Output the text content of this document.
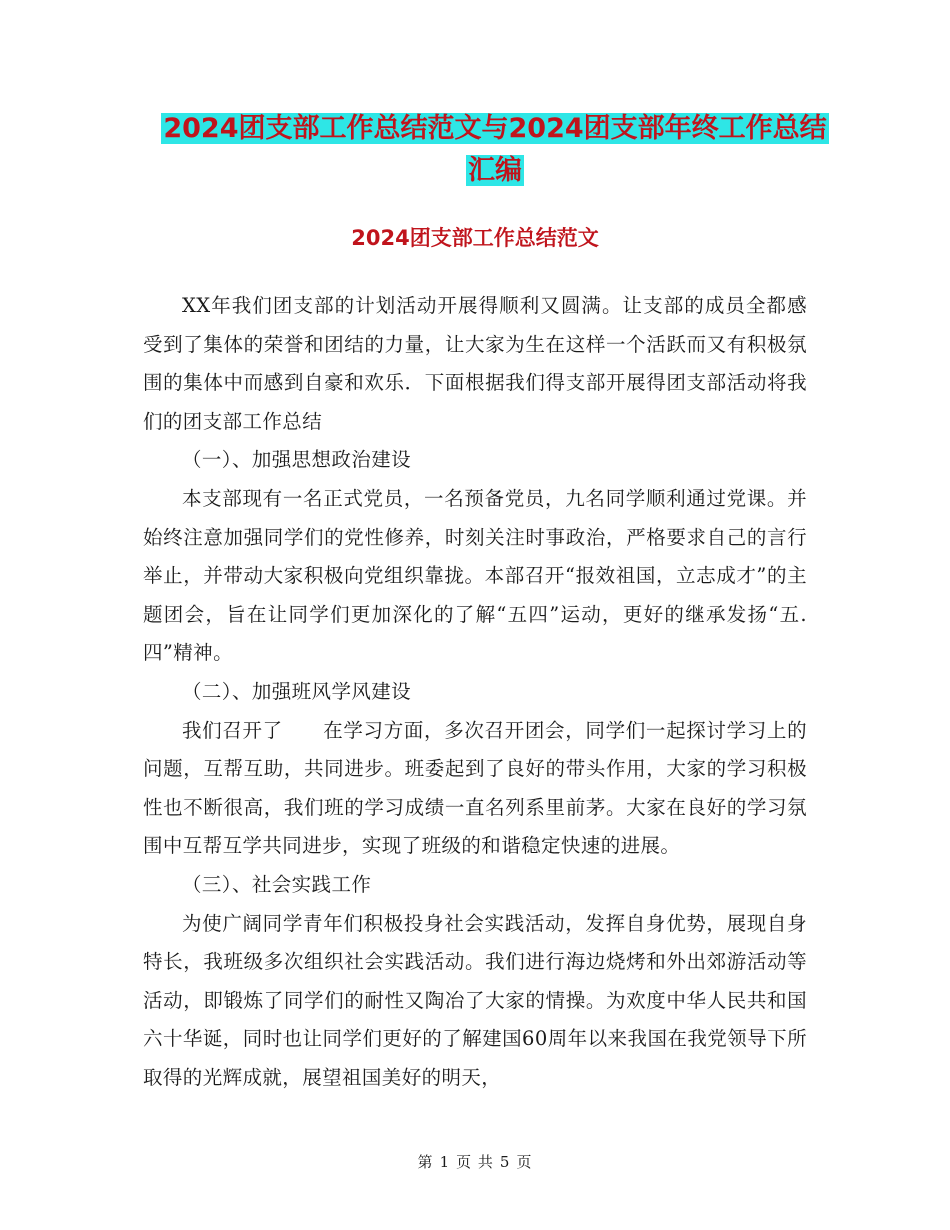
2024团支部工作总结范文与2024团支部年终工作总结
汇编
2024团支部工作总结范文

XX年我们团支部的计划活动开展得顺利又圆满。让支部的成员全都感受到了集体的荣誉和团结的力量，让大家为生在这样一个活跃而又有积极氛围的集体中而感到自豪和欢乐．下面根据我们得支部开展得团支部活动将我们的团支部工作总结

（一）、加强思想政治建设

本支部现有一名正式党员，一名预备党员，九名同学顺利通过党课。并始终注意加强同学们的党性修养，时刻关注时事政治，严格要求自己的言行举止，并带动大家积极向党组织靠拢。本部召开“报效祖国，立志成才”的主题团会，旨在让同学们更加深化的了解“五四”运动，更好的继承发扬“五.四”精神。

（二）、加强班风学风建设

我们召开了　　在学习方面，多次召开团会，同学们一起探讨学习上的问题，互帮互助，共同进步。班委起到了良好的带头作用，大家的学习积极性也不断很高，我们班的学习成绩一直名列系里前茅。大家在良好的学习氛围中互帮互学共同进步，实现了班级的和谐稳定快速的进展。

（三）、社会实践工作

为使广阔同学青年们积极投身社会实践活动，发挥自身优势，展现自身特长，我班级多次组织社会实践活动。我们进行海边烧烤和外出郊游活动等活动，即锻炼了同学们的耐性又陶冶了大家的情操。为欢度中华人民共和国六十华诞，同时也让同学们更好的了解建国60周年以来我国在我党领导下所取得的光辉成就，展望祖国美好的明天，

第 1 页 共 5 页
